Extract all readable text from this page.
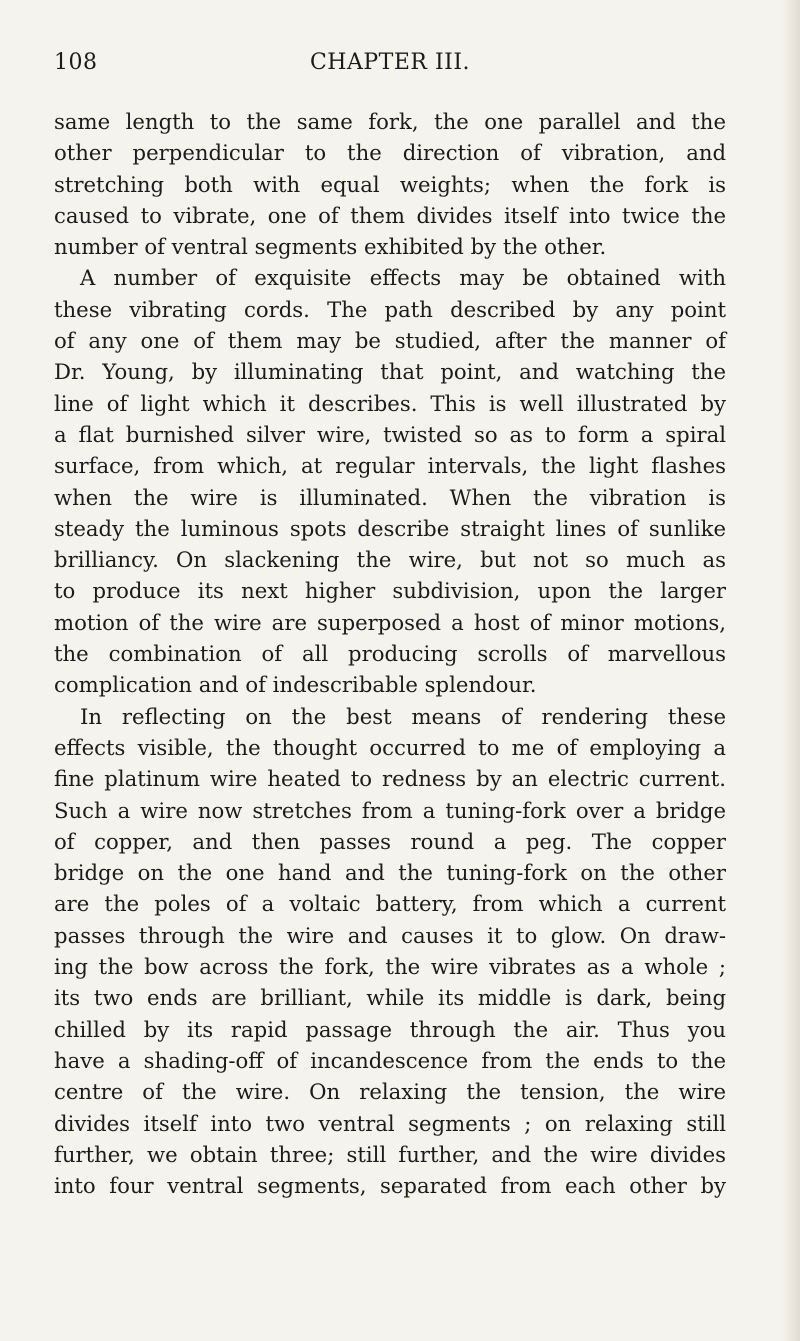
108	CHAPTER III.
same length to the same fork, the one parallel and the
other perpendicular to the direction of vibration, and
stretching both with equal weights; when the fork is
caused to vibrate, one of them divides itself into twice the
number of ventral segments exhibited by the other.
A number of exquisite effects may be obtained with
these vibrating cords. The path described by any point
of any one of them may be studied, after the manner of
Dr. Young, by illuminating that point, and watching the
line of light which it describes. This is well illustrated by
a flat burnished silver wire, twisted so as to form a spiral
surface, from which, at regular intervals, the light flashes
when the wire is illuminated. When the vibration is
steady the luminous spots describe straight lines of sunlike
brilliancy. On slackening the wire, but not so much as
to produce its next higher subdivision, upon the larger
motion of the wire are superposed a host of minor motions,
the combination of all producing scrolls of marvellous
complication and of indescribable splendour.
In reflecting on the best means of rendering these
effects visible, the thought occurred to me of employing a
fine platinum wire heated to redness by an electric current.
Such a wire now stretches from a tuning-fork over a bridge
of copper, and then passes round a peg. The copper
bridge on the one hand and the tuning-fork on the other
are the poles of a voltaic battery, from which a current
passes through the wire and causes it to glow. On draw-
ing the bow across the fork, the wire vibrates as a whole ;
its two ends are brilliant, while its middle is dark, being
chilled by its rapid passage through the air. Thus you
have a shading-off of incandescence from the ends to the
centre of the wire. On relaxing the tension, the wire
divides itself into two ventral segments ; on relaxing still
further, we obtain three; still further, and the wire divides
into four ventral segments, separated from each other by
